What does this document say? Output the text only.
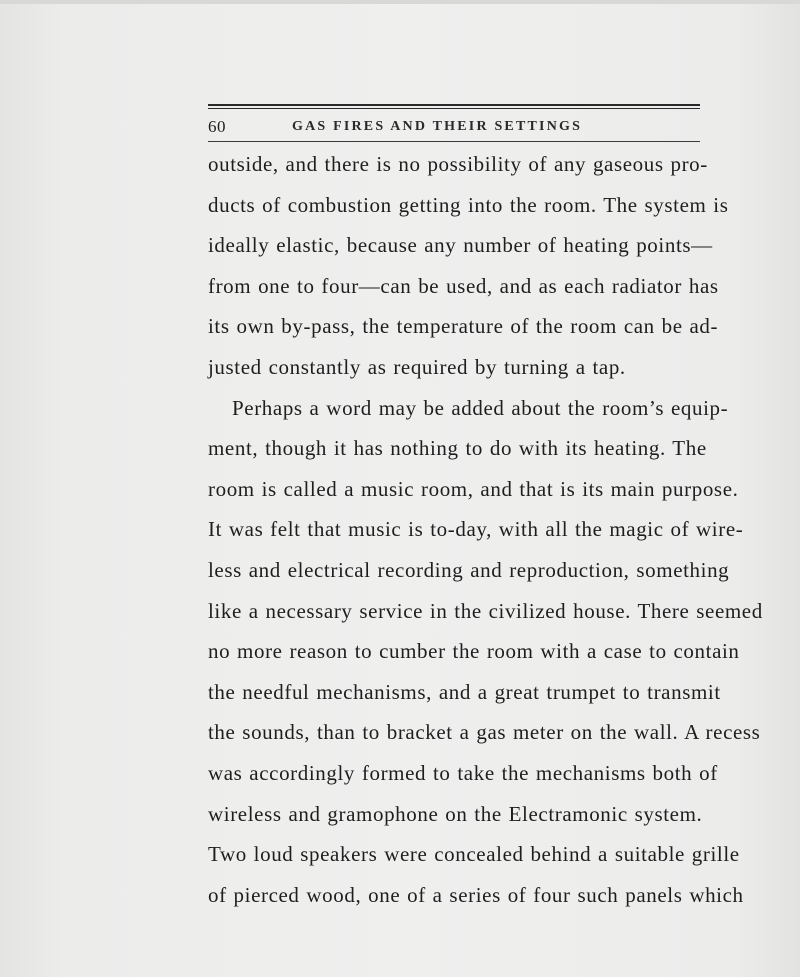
60	GAS FIRES AND THEIR SETTINGS
outside, and there is no possibility of any gaseous pro-
ducts of combustion getting into the room. The system is
ideally elastic, because any number of heating points—
from one to four—can be used, and as each radiator has
its own by-pass, the temperature of the room can be ad-
justed constantly as required by turning a tap.
Perhaps a word may be added about the room’s equip-
ment, though it has nothing to do with its heating. The
room is called a music room, and that is its main purpose.
It was felt that music is to-day, with all the magic of wire-
less and electrical recording and reproduction, something
like a necessary service in the civilized house. There seemed
no more reason to cumber the room with a case to contain
the needful mechanisms, and a great trumpet to transmit
the sounds, than to bracket a gas meter on the wall. A recess
was accordingly formed to take the mechanisms both of
wireless and gramophone on the Electramonic system.
Two loud speakers were concealed behind a suitable grille
of pierced wood, one of a series of four such panels which
